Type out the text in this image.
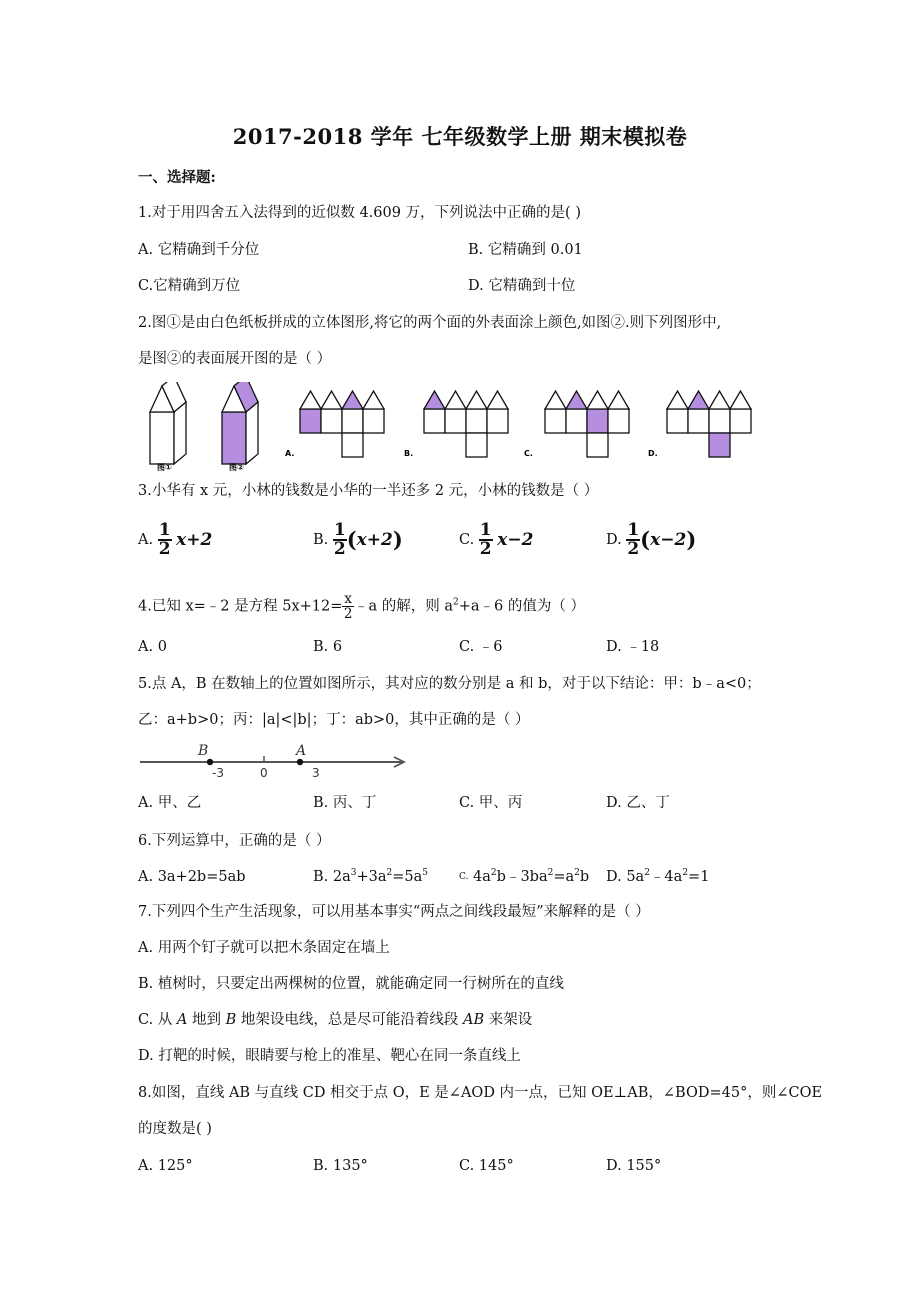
2017-2018 学年 七年级数学上册 期末模拟卷
一、选择题:
1.对于用四舍五入法得到的近似数 4.609 万，下列说法中正确的是( )
A. 它精确到千分位	B. 它精确到 0.01
C.它精确到万位	D. 它精确到十位
2.图①是由白色纸板拼成的立体图形,将它的两个面的外表面涂上颜色,如图②.则下列图形中,
是图②的表面展开图的是（ ）
图①	图②
A.	B.	C.	D.
3.小华有 x 元，小林的钱数是小华的一半还多 2 元，小林的钱数是（ ）
A. $\frac{1}{2} x+2$	B. $\frac{1}{2} (x+2)$	C. $\frac{1}{2} x-2$	D. $\frac{1}{2} (x-2)$
4.已知 x=﹣2 是方程 $5x+12= \frac{x}{2}$ ﹣a 的解，则 $a^2+a﹣6$ 的值为（ ）
A. 0	B. 6	C. ﹣6	D. ﹣18
5.点 A，B 在数轴上的位置如图所示，其对应的数分别是 a 和 b，对于以下结论：甲：b﹣a<0；
乙：a+b>0；丙：|a|<|b|；丁：ab>0，其中正确的是（ ）
B	A
-3	0	3
A. 甲、乙	B. 丙、丁	C. 甲、丙	D. 乙、丁
6.下列运算中，正确的是（ ）
A. 3a+2b=5ab	B. $2a^3+3a^2=5a^5$	$^{C.}$ $4a^2b﹣3ba^2=a^2b$ D. $5a^2﹣4a^2=1$
7.下列四个生产生活现象，可以用基本事实“两点之间线段最短”来解释的是（ ）
A. 用两个钉子就可以把木条固定在墙上
B. 植树时，只要定出两棵树的位置，就能确定同一行树所在的直线
C. 从 A 地到 B 地架设电线，总是尽可能沿着线段 AB 来架设
D. 打靶的时候，眼睛要与枪上的准星、靶心在同一条直线上
8.如图，直线 AB 与直线 CD 相交于点 O，E 是∠AOD 内一点，已知 OE⊥AB，∠BOD=45°，则∠COE
的度数是( )
A. 125°	B. 135°	C. 145°	D. 155°
